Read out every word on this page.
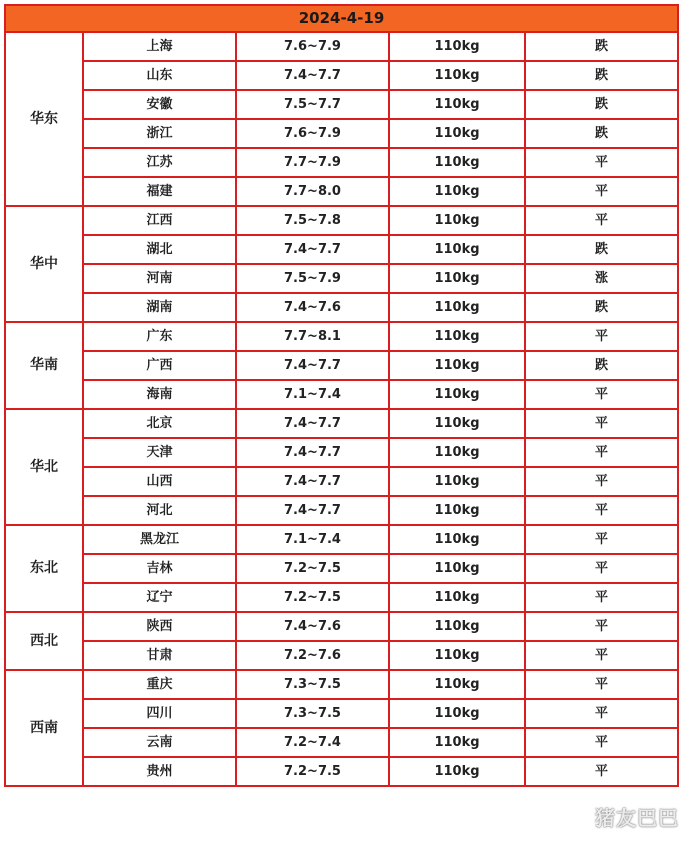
2024-4-19				
华东	上海	7.6~7.9	110kg	跌
	山东	7.4~7.7	110kg	跌
	安徽	7.5~7.7	110kg	跌
	浙江	7.6~7.9	110kg	跌
	江苏	7.7~7.9	110kg	平
	福建	7.7~8.0	110kg	平
华中	江西	7.5~7.8	110kg	平
	湖北	7.4~7.7	110kg	跌
	河南	7.5~7.9	110kg	涨
	湖南	7.4~7.6	110kg	跌
华南	广东	7.7~8.1	110kg	平
	广西	7.4~7.7	110kg	跌
	海南	7.1~7.4	110kg	平
华北	北京	7.4~7.7	110kg	平
	天津	7.4~7.7	110kg	平
	山西	7.4~7.7	110kg	平
	河北	7.4~7.7	110kg	平
东北	黑龙江	7.1~7.4	110kg	平
	吉林	7.2~7.5	110kg	平
	辽宁	7.2~7.5	110kg	平
西北	陕西	7.4~7.6	110kg	平
	甘肃	7.2~7.6	110kg	平
西南	重庆	7.3~7.5	110kg	平
	四川	7.3~7.5	110kg	平
	云南	7.2~7.4	110kg	平
	贵州	7.2~7.5	110kg	平
猪友巴巴
